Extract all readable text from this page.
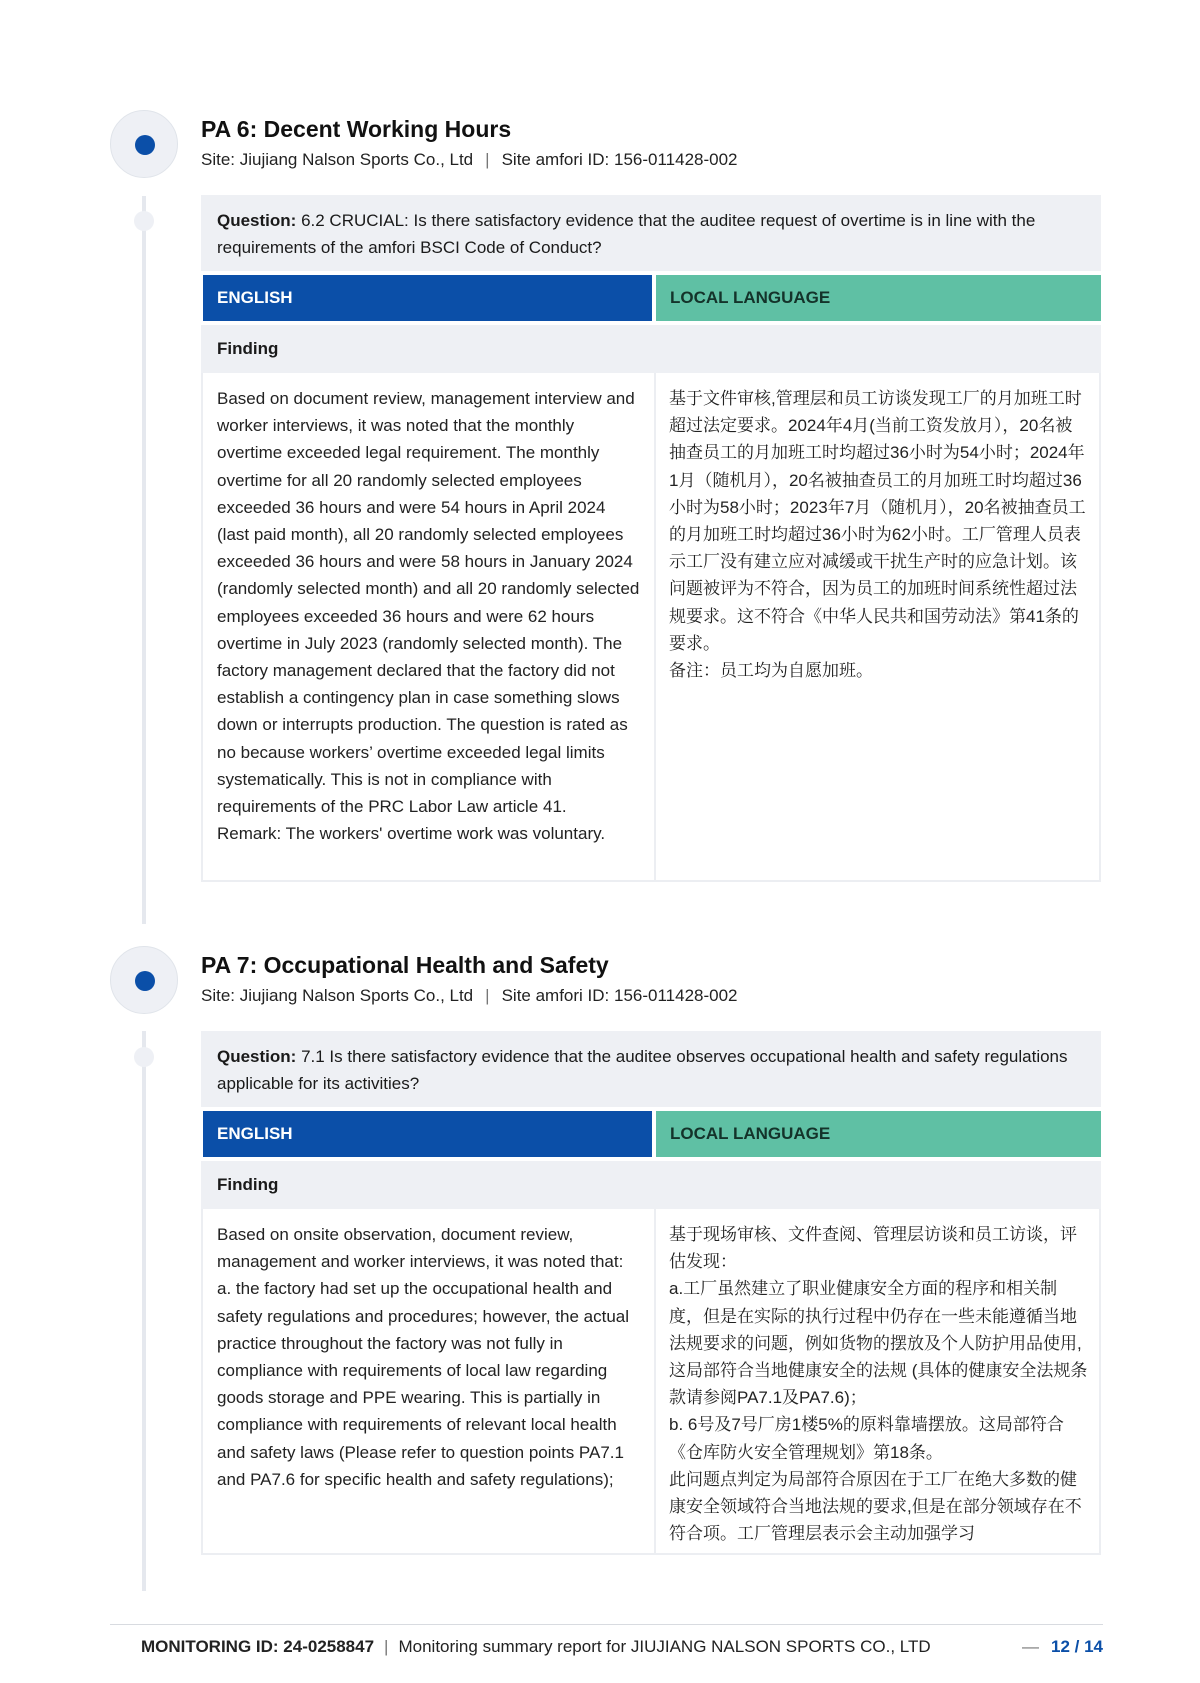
PA 6: Decent Working Hours
Site: Jiujiang Nalson Sports Co., Ltd | Site amfori ID: 156-011428-002
Question: 6.2 CRUCIAL: Is there satisfactory evidence that the auditee request of overtime is in line with the requirements of the amfori BSCI Code of Conduct?
ENGLISH	LOCAL LANGUAGE
Finding
Based on document review, management interview and worker interviews, it was noted that the monthly overtime exceeded legal requirement. The monthly overtime for all 20 randomly selected employees exceeded 36 hours and were 54 hours in April 2024 (last paid month), all 20 randomly selected employees exceeded 36 hours and were 58 hours in January 2024 (randomly selected month) and all 20 randomly selected employees exceeded 36 hours and were 62 hours overtime in July 2023 (randomly selected month). The factory management declared that the factory did not establish a contingency plan in case something slows down or interrupts production. The question is rated as no because workers’ overtime exceeded legal limits systematically. This is not in compliance with requirements of the PRC Labor Law article 41.
Remark: The workers' overtime work was voluntary.
基于文件审核,管理层和员工访谈发现工厂的月加班工时超过法定要求。2024年4月(当前工资发放月），20名被抽查员工的月加班工时均超过36小时为54小时；2024年1月（随机月），20名被抽查员工的月加班工时均超过36小时为58小时；2023年7月（随机月），20名被抽查员工的月加班工时均超过36小时为62小时。工厂管理人员表示工厂没有建立应对减缓或干扰生产时的应急计划。该问题被评为不符合，因为员工的加班时间系统性超过法规要求。这不符合《中华人民共和国劳动法》第41条的要求。
备注：员工均为自愿加班。
PA 7: Occupational Health and Safety
Site: Jiujiang Nalson Sports Co., Ltd | Site amfori ID: 156-011428-002
Question: 7.1 Is there satisfactory evidence that the auditee observes occupational health and safety regulations applicable for its activities?
ENGLISH	LOCAL LANGUAGE
Finding
Based on onsite observation, document review, management and worker interviews, it was noted that:
a. the factory had set up the occupational health and safety regulations and procedures; however, the actual practice throughout the factory was not fully in compliance with requirements of local law regarding goods storage and PPE wearing. This is partially in compliance with requirements of relevant local health and safety laws (Please refer to question points PA7.1 and PA7.6 for specific health and safety regulations);
基于现场审核、文件查阅、管理层访谈和员工访谈，评估发现：
a.工厂虽然建立了职业健康安全方面的程序和相关制度，但是在实际的执行过程中仍存在一些未能遵循当地法规要求的问题，例如货物的摆放及个人防护用品使用,这局部符合当地健康安全的法规 (具体的健康安全法规条款请参阅PA7.1及PA7.6)；
b. 6号及7号厂房1楼5%的原料靠墙摆放。这局部符合《仓库防火安全管理规划》第18条。
此问题点判定为局部符合原因在于工厂在绝大多数的健康安全领域符合当地法规的要求,但是在部分领域存在不符合项。工厂管理层表示会主动加强学习
MONITORING ID: 24-0258847 | Monitoring summary report for JIUJIANG NALSON SPORTS CO., LTD	— 12 / 14
